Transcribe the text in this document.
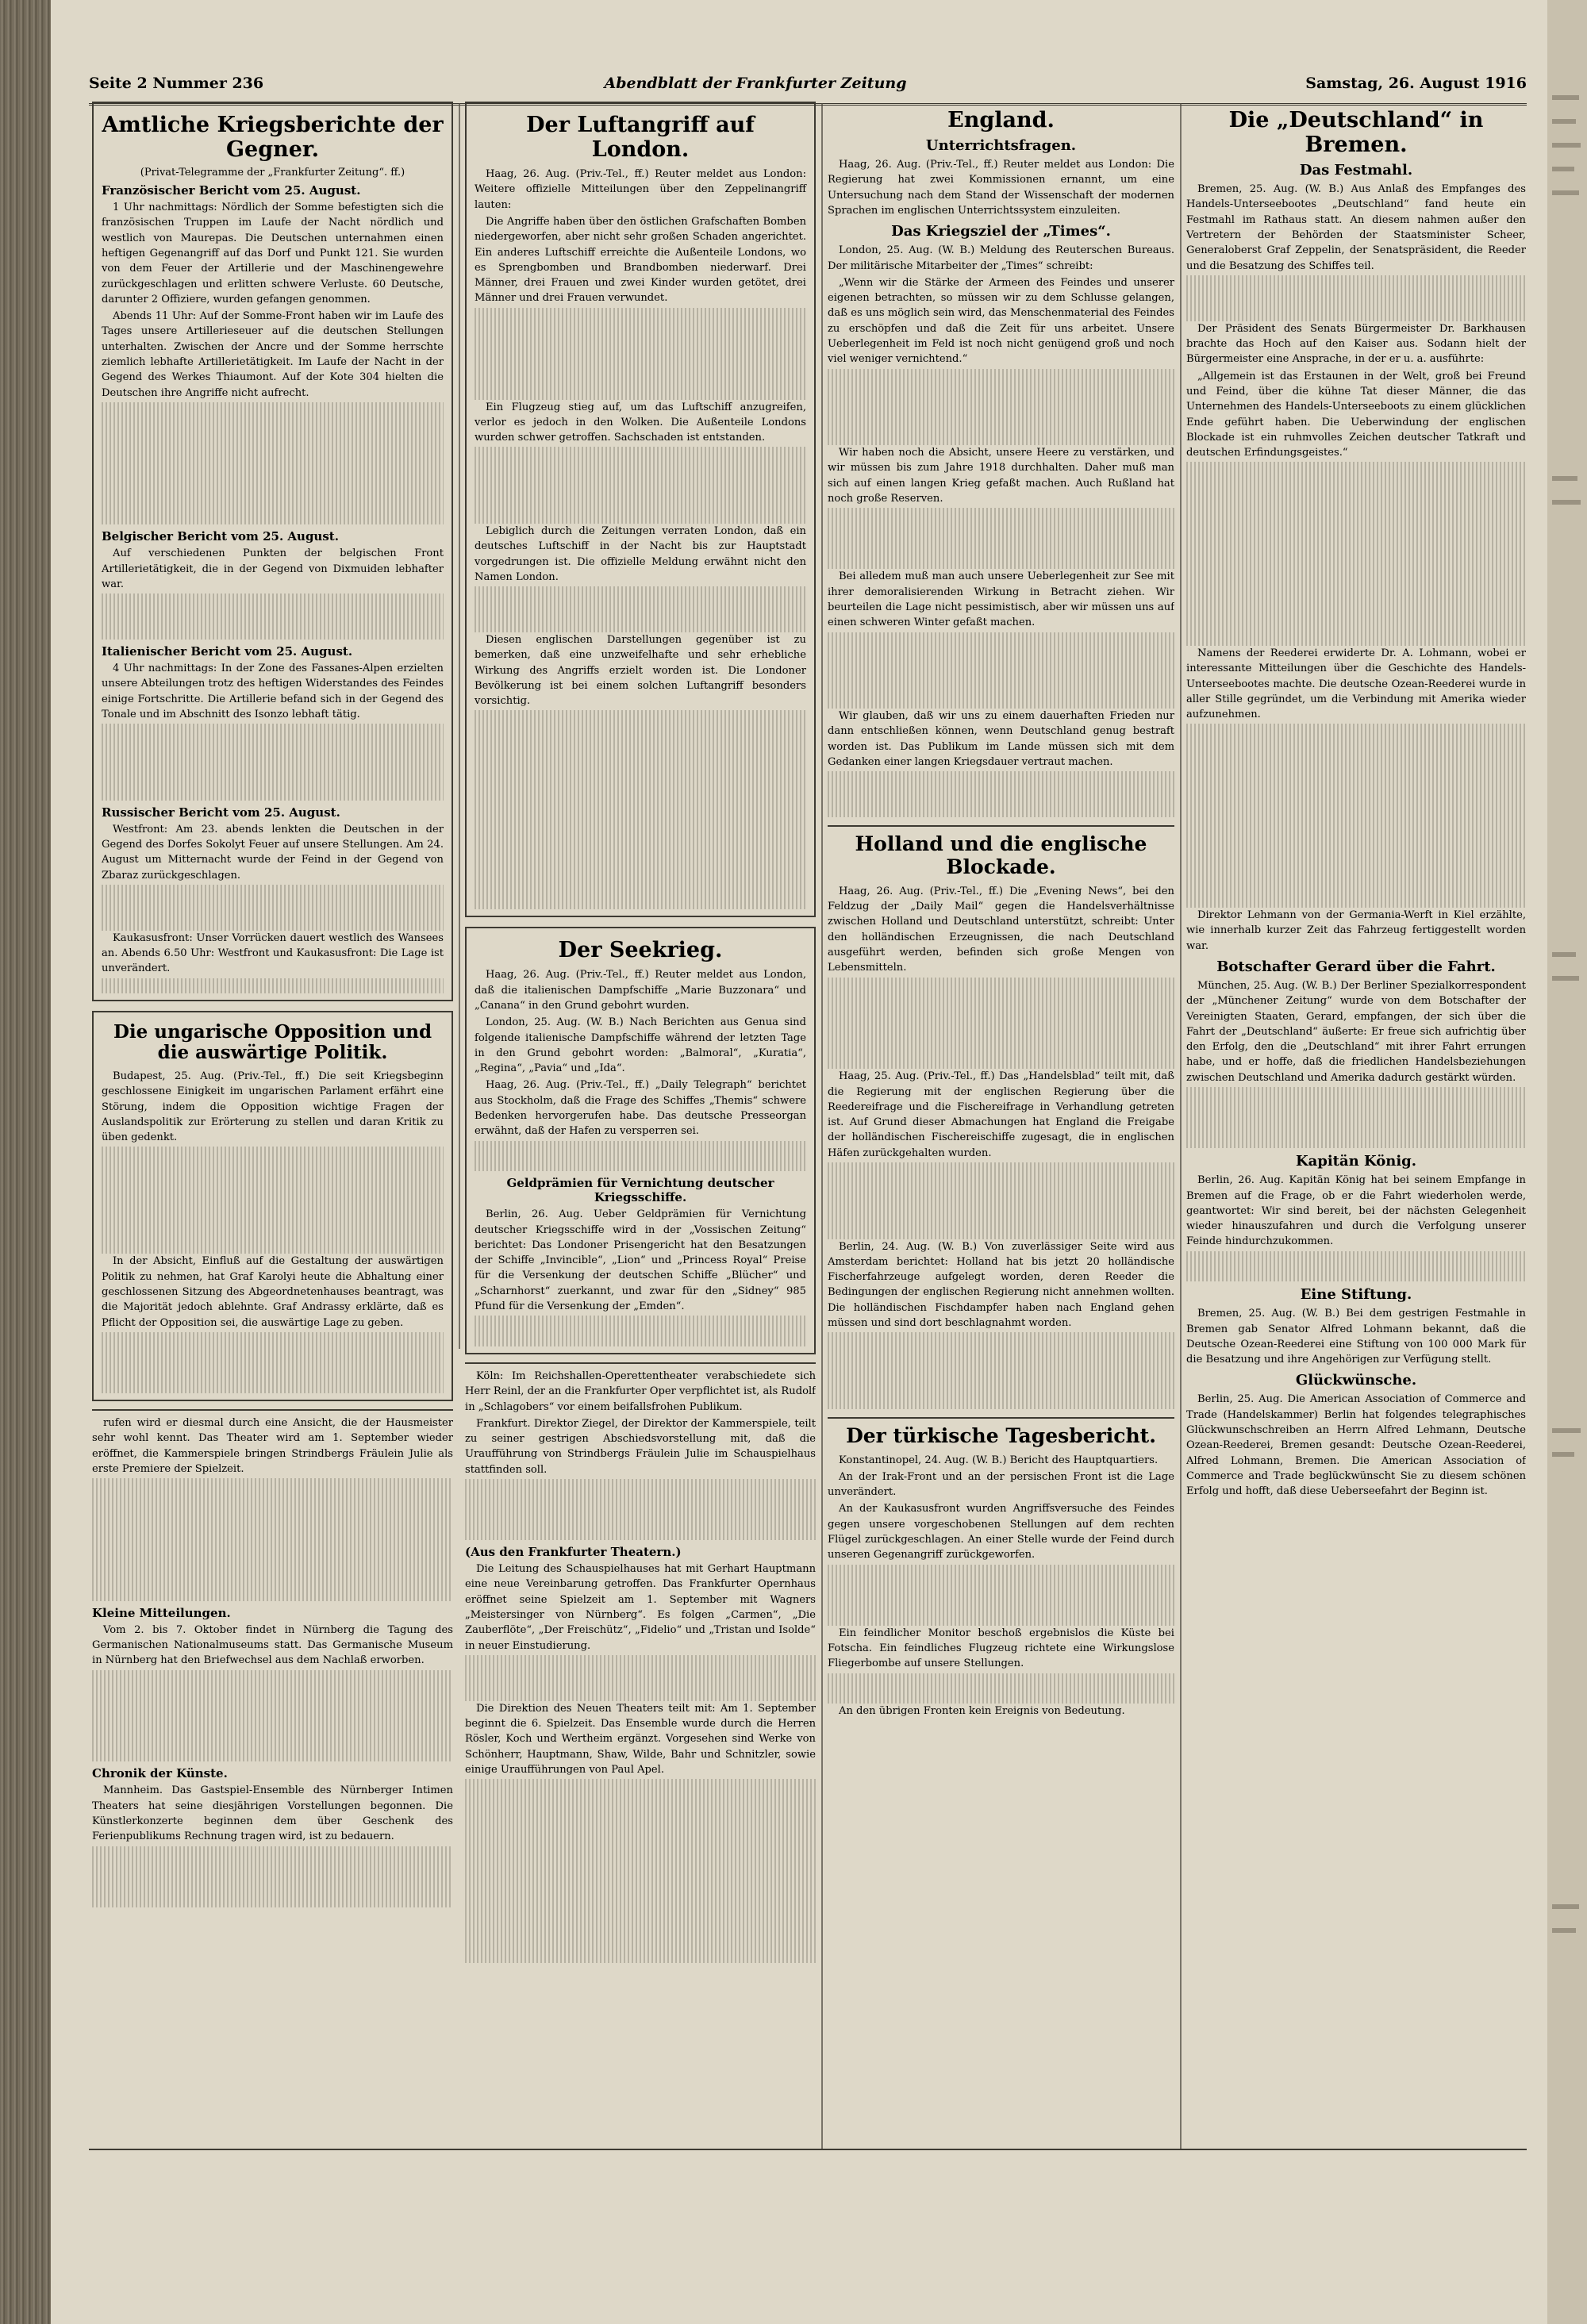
Seite 2 Nummer 236	Abendblatt der Frankfurter Zeitung	Samstag, 26. August 1916
Amtliche Kriegsberichte der Gegner.
(Privat-Telegramme der „Frankfurter Zeitung“. ff.)
Französischer Bericht vom 25. August.

1 Uhr nachmittags: Nördlich der Somme befestigten sich die französischen Truppen im Laufe der Nacht nördlich und westlich von Maurepas. Die Deutschen unternahmen einen heftigen Gegenangriff auf das Dorf und Punkt 121. Sie wurden von dem Feuer der Artillerie und der Maschinengewehre zurückgeschlagen und erlitten schwere Verluste. 60 Deutsche, darunter 2 Offiziere, wurden gefangen genommen.

Abends 11 Uhr: Auf der Somme-Front haben wir im Laufe des Tages unsere Artillerieseuer auf die deutschen Stellungen unterhalten. Zwischen der Ancre und der Somme herrschte ziemlich lebhafte Artillerietätigkeit. Im Laufe der Nacht in der Gegend des Werkes Thiaumont. Auf der Kote 304 hielten die Deutschen ihre Angriffe nicht aufrecht.

Belgischer Bericht vom 25. August.

Auf verschiedenen Punkten der belgischen Front Artillerietätigkeit, die in der Gegend von Dixmuiden lebhafter war.

Italienischer Bericht vom 25. August.

4 Uhr nachmittags: In der Zone des Fassanes-Alpen erzielten unsere Abteilungen trotz des heftigen Widerstandes des Feindes einige Fortschritte. Die Artillerie befand sich in der Gegend des Tonale und im Abschnitt des Isonzo lebhaft tätig.

Russischer Bericht vom 25. August.

Westfront: Am 23. abends lenkten die Deutschen in der Gegend des Dorfes Sokolyt Feuer auf unsere Stellungen. Am 24. August um Mitternacht wurde der Feind in der Gegend von Zbaraz zurückgeschlagen.

Kaukasusfront: Unser Vorrücken dauert westlich des Wansees an. Abends 6.50 Uhr: Westfront und Kaukasusfront: Die Lage ist unverändert.

Die ungarische Opposition und die auswärtige Politik.

Budapest, 25. Aug. (Priv.-Tel., ff.) Die seit Kriegsbeginn geschlossene Einigkeit im ungarischen Parlament erfährt eine Störung, indem die Opposition wichtige Fragen der Auslandspolitik zur Erörterung zu stellen und daran Kritik zu üben gedenkt.

In der Absicht, Einfluß auf die Gestaltung der auswärtigen Politik zu nehmen, hat Graf Karolyi heute die Abhaltung einer geschlossenen Sitzung des Abgeordnetenhauses beantragt, was die Majorität jedoch ablehnte. Graf Andrassy erklärte, daß es Pflicht der Opposition sei, die auswärtige Lage zu geben.

rufen wird er diesmal durch eine Ansicht, die der Hausmeister sehr wohl kennt. Das Theater wird am 1. September wieder eröffnet, die Kammerspiele bringen Strindbergs Fräulein Julie als erste Premiere der Spielzeit.

Kleine Mitteilungen.

Vom 2. bis 7. Oktober findet in Nürnberg die Tagung des Germanischen Nationalmuseums statt. Das Germanische Museum in Nürnberg hat den Briefwechsel aus dem Nachlaß erworben.

Chronik der Künste.

Mannheim. Das Gastspiel-Ensemble des Nürnberger Intimen Theaters hat seine diesjährigen Vorstellungen begonnen. Die Künstlerkonzerte beginnen dem über Geschenk des Ferienpublikums Rechnung tragen wird, ist zu bedauern.

Der Luftangriff auf London.

Haag, 26. Aug. (Priv.-Tel., ff.) Reuter meldet aus London: Weitere offizielle Mitteilungen über den Zeppelinangriff lauten:

Die Angriffe haben über den östlichen Grafschaften Bomben niedergeworfen, aber nicht sehr großen Schaden angerichtet. Ein anderes Luftschiff erreichte die Außenteile Londons, wo es Sprengbomben und Brandbomben niederwarf. Drei Männer, drei Frauen und zwei Kinder wurden getötet, drei Männer und drei Frauen verwundet.

Ein Flugzeug stieg auf, um das Luftschiff anzugreifen, verlor es jedoch in den Wolken. Die Außenteile Londons wurden schwer getroffen. Sachschaden ist entstanden.

Lebiglich durch die Zeitungen verraten London, daß ein deutsches Luftschiff in der Nacht bis zur Hauptstadt vorgedrungen ist. Die offizielle Meldung erwähnt nicht den Namen London.

Diesen englischen Darstellungen gegenüber ist zu bemerken, daß eine unzweifelhafte und sehr erhebliche Wirkung des Angriffs erzielt worden ist. Die Londoner Bevölkerung ist bei einem solchen Luftangriff besonders vorsichtig.

Der Seekrieg.

Haag, 26. Aug. (Priv.-Tel., ff.) Reuter meldet aus London, daß die italienischen Dampfschiffe „Marie Buzzonara“ und „Canana“ in den Grund gebohrt wurden.

London, 25. Aug. (W. B.) Nach Berichten aus Genua sind folgende italienische Dampfschiffe während der letzten Tage in den Grund gebohrt worden: „Balmoral“, „Kuratia“, „Regina“, „Pavia“ und „Ida“.

Haag, 26. Aug. (Priv.-Tel., ff.) „Daily Telegraph“ berichtet aus Stockholm, daß die Frage des Schiffes „Themis“ schwere Bedenken hervorgerufen habe. Das deutsche Presseorgan erwähnt, daß der Hafen zu versperren sei.

Geldprämien für Vernichtung deutscher Kriegsschiffe.

Berlin, 26. Aug. Ueber Geldprämien für Vernichtung deutscher Kriegsschiffe wird in der „Vossischen Zeitung“ berichtet: Das Londoner Prisengericht hat den Besatzungen der Schiffe „Invincible“, „Lion“ und „Princess Royal“ Preise für die Versenkung der deutschen Schiffe „Blücher“ und „Scharnhorst“ zuerkannt, und zwar für den „Sidney“ 985 Pfund für die Versenkung der „Emden“.

Köln: Im Reichshallen-Operettentheater verabschiedete sich Herr Reinl, der an die Frankfurter Oper verpflichtet ist, als Rudolf in „Schlagobers“ vor einem beifallsfrohen Publikum.

Frankfurt. Direktor Ziegel, der Direktor der Kammerspiele, teilt zu seiner gestrigen Abschiedsvorstellung mit, daß die Uraufführung von Strindbergs Fräulein Julie im Schauspielhaus stattfinden soll.

(Aus den Frankfurter Theatern.)

Die Leitung des Schauspielhauses hat mit Gerhart Hauptmann eine neue Vereinbarung getroffen. Das Frankfurter Opernhaus eröffnet seine Spielzeit am 1. September mit Wagners „Meistersinger von Nürnberg“. Es folgen „Carmen“, „Die Zauberflöte“, „Der Freischütz“, „Fidelio“ und „Tristan und Isolde“ in neuer Einstudierung.

Die Direktion des Neuen Theaters teilt mit: Am 1. September beginnt die 6. Spielzeit. Das Ensemble wurde durch die Herren Rösler, Koch und Wertheim ergänzt. Vorgesehen sind Werke von Schönherr, Hauptmann, Shaw, Wilde, Bahr und Schnitzler, sowie einige Uraufführungen von Paul Apel.

England.
Unterrichtsfragen.

Haag, 26. Aug. (Priv.-Tel., ff.) Reuter meldet aus London: Die Regierung hat zwei Kommissionen ernannt, um eine Untersuchung nach dem Stand der Wissenschaft der modernen Sprachen im englischen Unterrichtssystem einzuleiten.

Das Kriegsziel der „Times“.

London, 25. Aug. (W. B.) Meldung des Reuterschen Bureaus. Der militärische Mitarbeiter der „Times“ schreibt:

„Wenn wir die Stärke der Armeen des Feindes und unserer eigenen betrachten, so müssen wir zu dem Schlusse gelangen, daß es uns möglich sein wird, das Menschenmaterial des Feindes zu erschöpfen und daß die Zeit für uns arbeitet. Unsere Ueberlegenheit im Feld ist noch nicht genügend groß und noch viel weniger vernichtend.“

Wir haben noch die Absicht, unsere Heere zu verstärken, und wir müssen bis zum Jahre 1918 durchhalten. Daher muß man sich auf einen langen Krieg gefaßt machen. Auch Rußland hat noch große Reserven.

Bei alledem muß man auch unsere Ueberlegenheit zur See mit ihrer demoralisierenden Wirkung in Betracht ziehen. Wir beurteilen die Lage nicht pessimistisch, aber wir müssen uns auf einen schweren Winter gefaßt machen.

Wir glauben, daß wir uns zu einem dauerhaften Frieden nur dann entschließen können, wenn Deutschland genug bestraft worden ist. Das Publikum im Lande müssen sich mit dem Gedanken einer langen Kriegsdauer vertraut machen.

Holland und die englische Blockade.

Haag, 26. Aug. (Priv.-Tel., ff.) Die „Evening News“, bei den Feldzug der „Daily Mail“ gegen die Handelsverhältnisse zwischen Holland und Deutschland unterstützt, schreibt: Unter den holländischen Erzeugnissen, die nach Deutschland ausgeführt werden, befinden sich große Mengen von Lebensmitteln.

Haag, 25. Aug. (Priv.-Tel., ff.) Das „Handelsblad“ teilt mit, daß die Regierung mit der englischen Regierung über die Reedereifrage und die Fischereifrage in Verhandlung getreten ist. Auf Grund dieser Abmachungen hat England die Freigabe der holländischen Fischereischiffe zugesagt, die in englischen Häfen zurückgehalten wurden.

Berlin, 24. Aug. (W. B.) Von zuverlässiger Seite wird aus Amsterdam berichtet: Holland hat bis jetzt 20 holländische Fischerfahrzeuge aufgelegt worden, deren Reeder die Bedingungen der englischen Regierung nicht annehmen wollten. Die holländischen Fischdampfer haben nach England gehen müssen und sind dort beschlagnahmt worden.

Der türkische Tagesbericht.

Konstantinopel, 24. Aug. (W. B.) Bericht des Hauptquartiers.

An der Irak-Front und an der persischen Front ist die Lage unverändert.

An der Kaukasusfront wurden Angriffsversuche des Feindes gegen unsere vorgeschobenen Stellungen auf dem rechten Flügel zurückgeschlagen. An einer Stelle wurde der Feind durch unseren Gegenangriff zurückgeworfen.

Ein feindlicher Monitor beschoß ergebnislos die Küste bei Fotscha. Ein feindliches Flugzeug richtete eine Wirkungslose Fliegerbombe auf unsere Stellungen.

An den übrigen Fronten kein Ereignis von Bedeutung.

Die „Deutschland“ in Bremen.
Das Festmahl.

Bremen, 25. Aug. (W. B.) Aus Anlaß des Empfanges des Handels-Unterseebootes „Deutschland“ fand heute ein Festmahl im Rathaus statt. An diesem nahmen außer den Vertretern der Behörden der Staatsminister Scheer, Generaloberst Graf Zeppelin, der Senatspräsident, die Reeder und die Besatzung des Schiffes teil.

Der Präsident des Senats Bürgermeister Dr. Barkhausen brachte das Hoch auf den Kaiser aus. Sodann hielt der Bürgermeister eine Ansprache, in der er u. a. ausführte:

„Allgemein ist das Erstaunen in der Welt, groß bei Freund und Feind, über die kühne Tat dieser Männer, die das Unternehmen des Handels-Unterseeboots zu einem glücklichen Ende geführt haben. Die Ueberwindung der englischen Blockade ist ein ruhmvolles Zeichen deutscher Tatkraft und deutschen Erfindungsgeistes.“

Namens der Reederei erwiderte Dr. A. Lohmann, wobei er interessante Mitteilungen über die Geschichte des Handels-Unterseebootes machte. Die deutsche Ozean-Reederei wurde in aller Stille gegründet, um die Verbindung mit Amerika wieder aufzunehmen.

Direktor Lehmann von der Germania-Werft in Kiel erzählte, wie innerhalb kurzer Zeit das Fahrzeug fertiggestellt worden war.

Botschafter Gerard über die Fahrt.

München, 25. Aug. (W. B.) Der Berliner Spezialkorrespondent der „Münchener Zeitung“ wurde von dem Botschafter der Vereinigten Staaten, Gerard, empfangen, der sich über die Fahrt der „Deutschland“ äußerte: Er freue sich aufrichtig über den Erfolg, den die „Deutschland“ mit ihrer Fahrt errungen habe, und er hoffe, daß die friedlichen Handelsbeziehungen zwischen Deutschland und Amerika dadurch gestärkt würden.

Kapitän König.

Berlin, 26. Aug. Kapitän König hat bei seinem Empfange in Bremen auf die Frage, ob er die Fahrt wiederholen werde, geantwortet: Wir sind bereit, bei der nächsten Gelegenheit wieder hinauszufahren und durch die Verfolgung unserer Feinde hindurchzukommen.

Eine Stiftung.

Bremen, 25. Aug. (W. B.) Bei dem gestrigen Festmahle in Bremen gab Senator Alfred Lohmann bekannt, daß die Deutsche Ozean-Reederei eine Stiftung von 100 000 Mark für die Besatzung und ihre Angehörigen zur Verfügung stellt.

Glückwünsche.

Berlin, 25. Aug. Die American Association of Commerce and Trade (Handelskammer) Berlin hat folgendes telegraphisches Glückwunschschreiben an Herrn Alfred Lehmann, Deutsche Ozean-Reederei, Bremen gesandt: Deutsche Ozean-Reederei, Alfred Lohmann, Bremen. Die American Association of Commerce and Trade beglückwünscht Sie zu diesem schönen Erfolg und hofft, daß diese Ueberseefahrt der Beginn ist.
